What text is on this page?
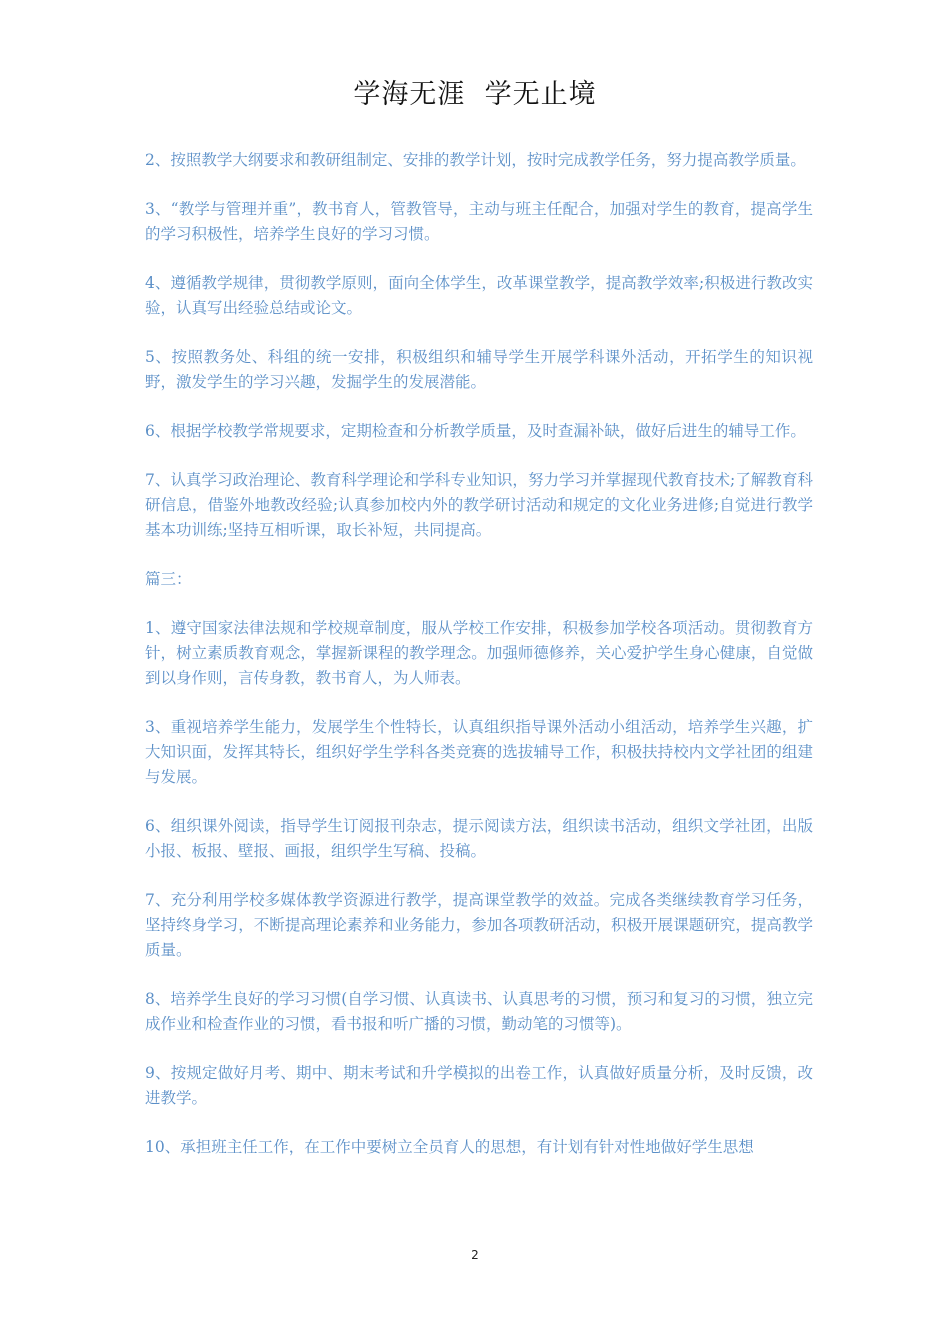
学海无涯  学无止境

2、按照教学大纲要求和教研组制定、安排的教学计划，按时完成教学任务，努力提高教学质量。

3、“教学与管理并重”，教书育人，管教管导，主动与班主任配合，加强对学生的教育，提高学生的学习积极性，培养学生良好的学习习惯。

4、遵循教学规律，贯彻教学原则，面向全体学生，改革课堂教学，提高教学效率;积极进行教改实验，认真写出经验总结或论文。

5、按照教务处、科组的统一安排，积极组织和辅导学生开展学科课外活动，开拓学生的知识视野，激发学生的学习兴趣，发掘学生的发展潜能。

6、根据学校教学常规要求，定期检查和分析教学质量，及时查漏补缺，做好后进生的辅导工作。

7、认真学习政治理论、教育科学理论和学科专业知识，努力学习并掌握现代教育技术;了解教育科研信息，借鉴外地教改经验;认真参加校内外的教学研讨活动和规定的文化业务进修;自觉进行教学基本功训练;坚持互相听课，取长补短，共同提高。

篇三：

1、遵守国家法律法规和学校规章制度，服从学校工作安排，积极参加学校各项活动。贯彻教育方针，树立素质教育观念，掌握新课程的教学理念。加强师德修养，关心爱护学生身心健康，自觉做到以身作则，言传身教，教书育人，为人师表。

3、重视培养学生能力，发展学生个性特长，认真组织指导课外活动小组活动，培养学生兴趣，扩大知识面，发挥其特长，组织好学生学科各类竞赛的选拔辅导工作，积极扶持校内文学社团的组建与发展。

6、组织课外阅读，指导学生订阅报刊杂志，提示阅读方法，组织读书活动，组织文学社团，出版小报、板报、壁报、画报，组织学生写稿、投稿。

7、充分利用学校多媒体教学资源进行教学，提高课堂教学的效益。完成各类继续教育学习任务，坚持终身学习，不断提高理论素养和业务能力，参加各项教研活动，积极开展课题研究，提高教学质量。

8、培养学生良好的学习习惯(自学习惯、认真读书、认真思考的习惯，预习和复习的习惯，独立完成作业和检查作业的习惯，看书报和听广播的习惯，勤动笔的习惯等)。

9、按规定做好月考、期中、期末考试和升学模拟的出卷工作，认真做好质量分析，及时反馈，改进教学。

10、承担班主任工作，在工作中要树立全员育人的思想，有计划有针对性地做好学生思想

2
